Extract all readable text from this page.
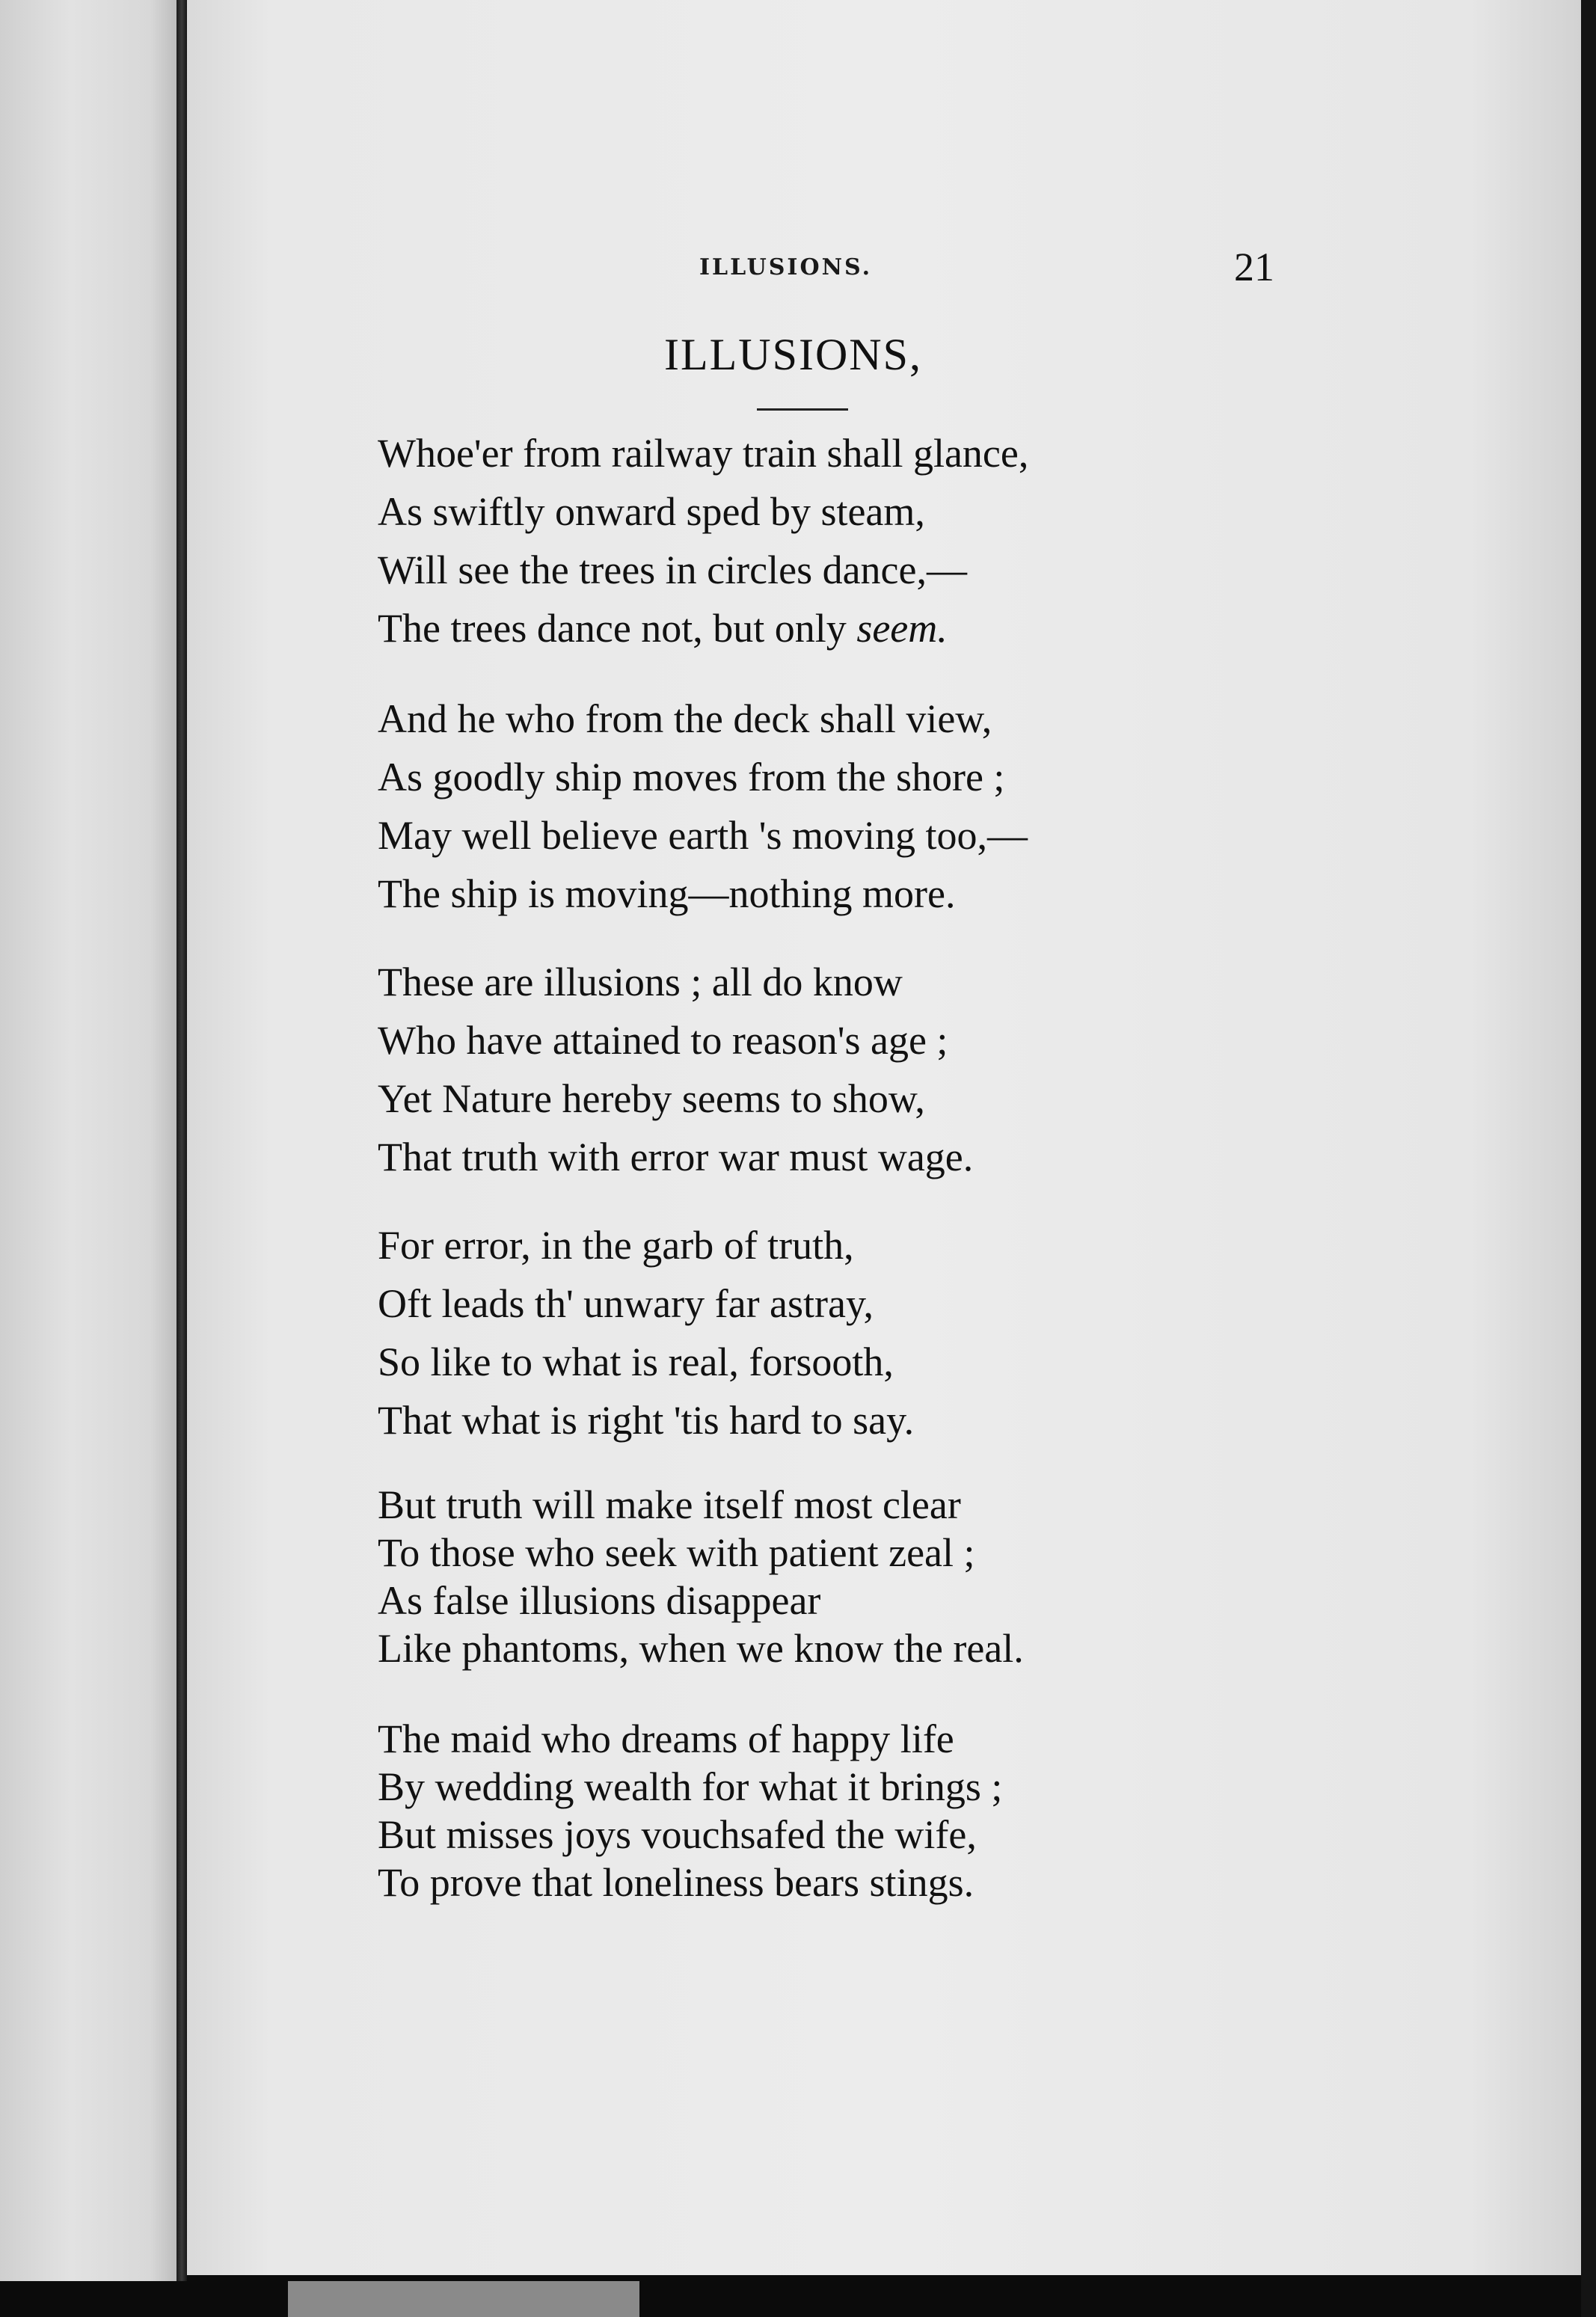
ILLUSIONS.	21
ILLUSIONS,
Whoe'er from railway train shall glance,
As swiftly onward sped by steam,
Will see the trees in circles dance,—
The trees dance not, but only seem.
And he who from the deck shall view,
As goodly ship moves from the shore ;
May well believe earth 's moving too,—
The ship is moving—nothing more.
These are illusions ; all do know
Who have attained to reason's age ;
Yet Nature hereby seems to show,
That truth with error war must wage.
For error, in the garb of truth,
Oft leads th' unwary far astray,
So like to what is real, forsooth,
That what is right 'tis hard to say.
But truth will make itself most clear
To those who seek with patient zeal ;
As false illusions disappear
Like phantoms, when we know the real.
The maid who dreams of happy life
By wedding wealth for what it brings ;
But misses joys vouchsafed the wife,
To prove that loneliness bears stings.
